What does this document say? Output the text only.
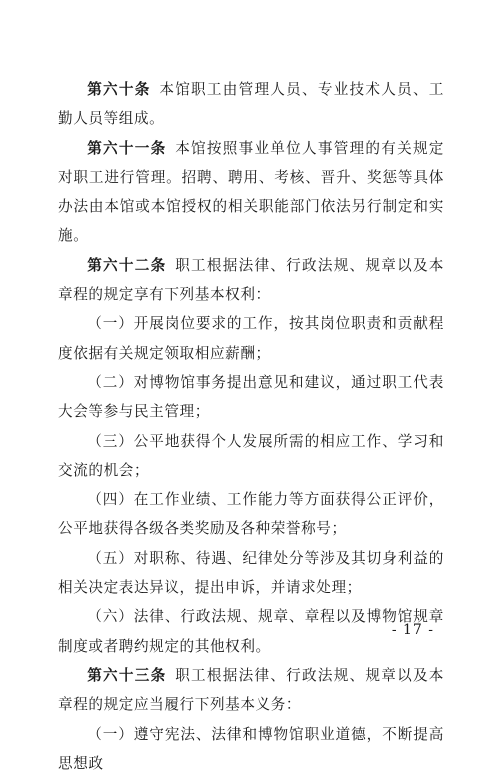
第六十条 本馆职工由管理人员、专业技术人员、工勤人员等组成。

第六十一条 本馆按照事业单位人事管理的有关规定对职工进行管理。招聘、聘用、考核、晋升、奖惩等具体办法由本馆或本馆授权的相关职能部门依法另行制定和实施。

第六十二条 职工根据法律、行政法规、规章以及本章程的规定享有下列基本权利：

（一）开展岗位要求的工作，按其岗位职责和贡献程度依据有关规定领取相应薪酬；

（二）对博物馆事务提出意见和建议，通过职工代表大会等参与民主管理；

（三）公平地获得个人发展所需的相应工作、学习和交流的机会；

（四）在工作业绩、工作能力等方面获得公正评价，公平地获得各级各类奖励及各种荣誉称号；

（五）对职称、待遇、纪律处分等涉及其切身利益的相关决定表达异议，提出申诉，并请求处理；

（六）法律、行政法规、规章、章程以及博物馆规章制度或者聘约规定的其他权利。

第六十三条 职工根据法律、行政法规、规章以及本章程的规定应当履行下列基本义务：

（一）遵守宪法、法律和博物馆职业道德，不断提高思想政

- 17 -
